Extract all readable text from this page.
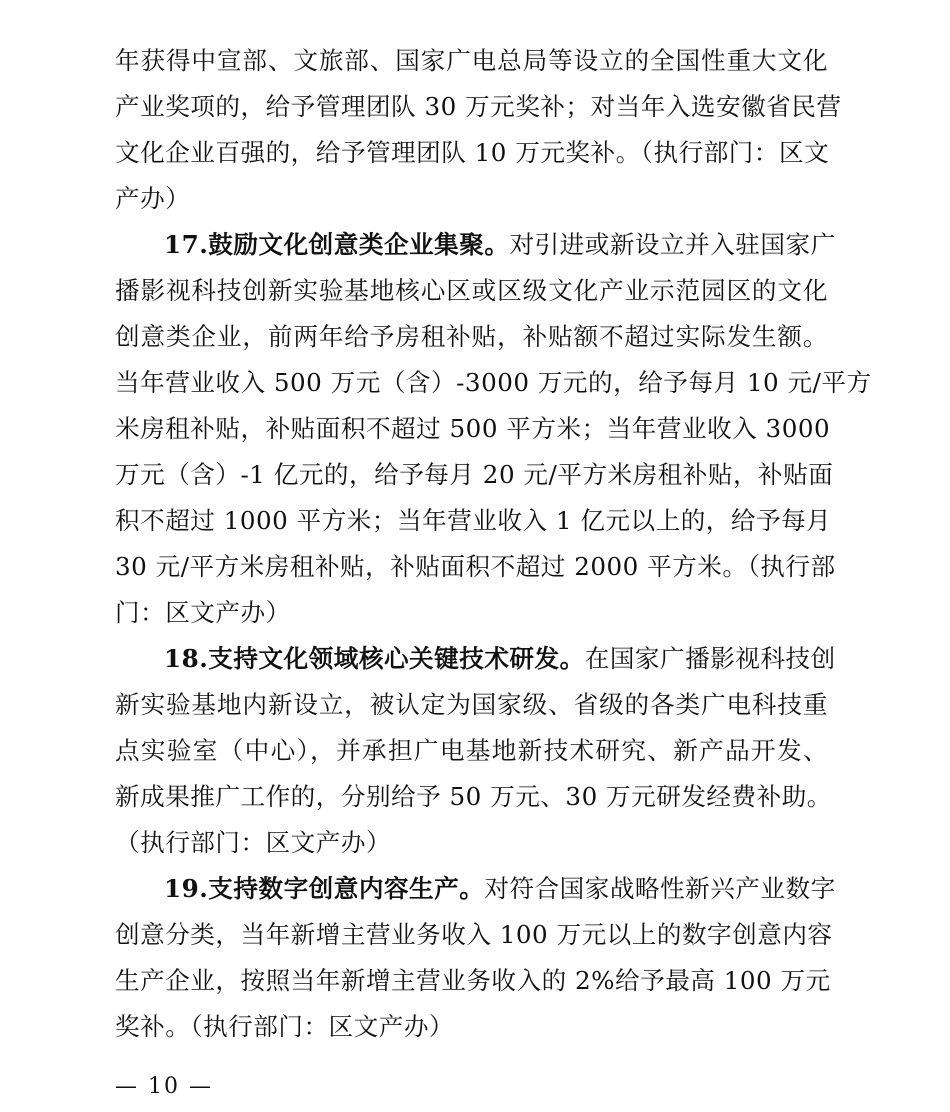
年获得中宣部、文旅部、国家广电总局等设立的全国性重大文化
产业奖项的，给予管理团队 30 万元奖补；对当年入选安徽省民营
文化企业百强的，给予管理团队 10 万元奖补。（执行部门：区文
产办）
17.鼓励文化创意类企业集聚。对引进或新设立并入驻国家广
播影视科技创新实验基地核心区或区级文化产业示范园区的文化
创意类企业，前两年给予房租补贴，补贴额不超过实际发生额。
当年营业收入 500 万元（含）-3000 万元的，给予每月 10 元/平方
米房租补贴，补贴面积不超过 500 平方米；当年营业收入 3000
万元（含）-1 亿元的，给予每月 20 元/平方米房租补贴，补贴面
积不超过 1000 平方米；当年营业收入 1 亿元以上的，给予每月
30 元/平方米房租补贴，补贴面积不超过 2000 平方米。（执行部
门：区文产办）
18.支持文化领域核心关键技术研发。在国家广播影视科技创
新实验基地内新设立，被认定为国家级、省级的各类广电科技重
点实验室（中心），并承担广电基地新技术研究、新产品开发、
新成果推广工作的，分别给予 50 万元、30 万元研发经费补助。
（执行部门：区文产办）
19.支持数字创意内容生产。对符合国家战略性新兴产业数字
创意分类，当年新增主营业务收入 100 万元以上的数字创意内容
生产企业，按照当年新增主营业务收入的 2%给予最高 100 万元
奖补。（执行部门：区文产办）
— 10 —
